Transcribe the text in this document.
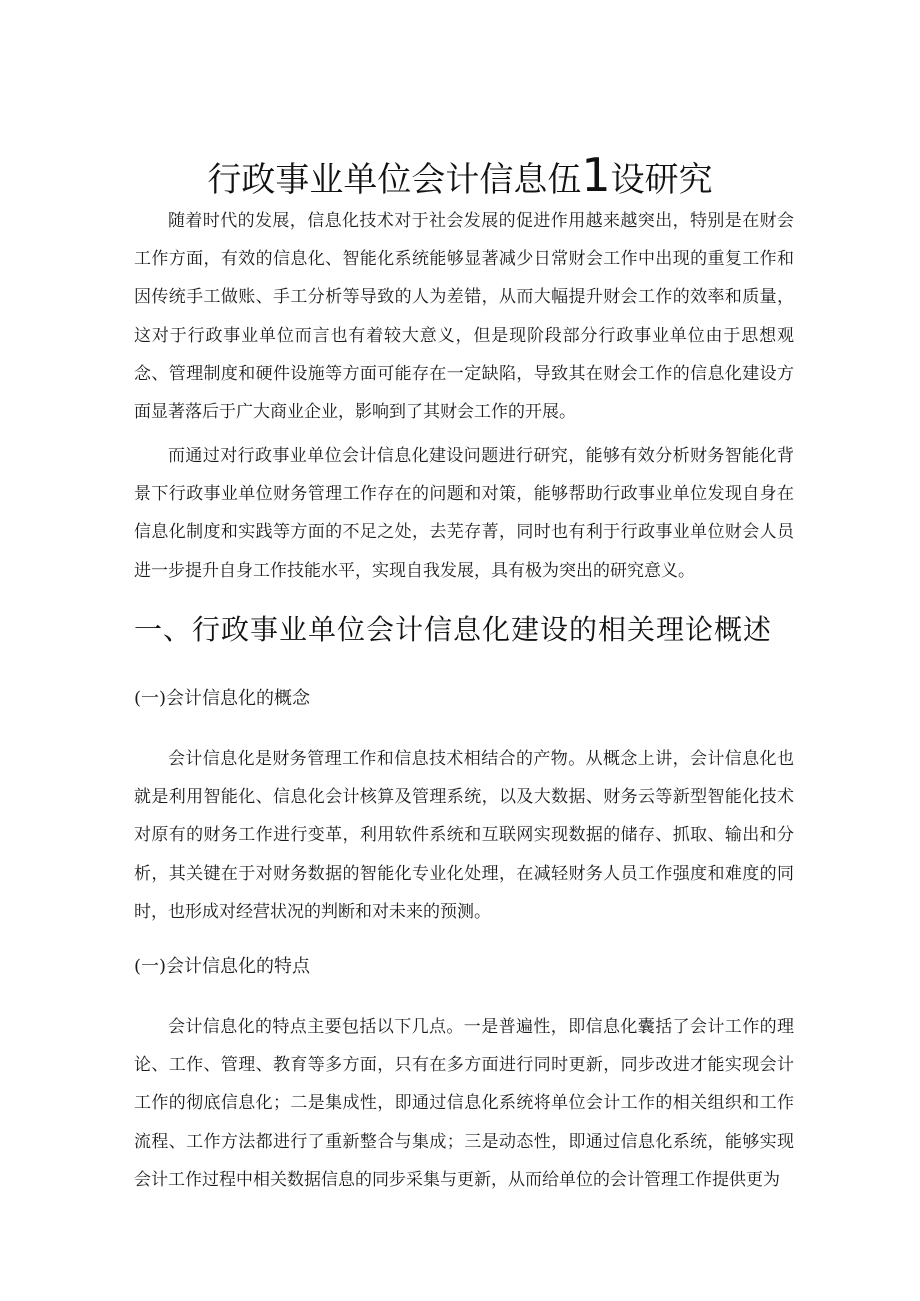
行政事业单位会计信息伍1设研究

随着时代的发展，信息化技术对于社会发展的促进作用越来越突出，特别是在财会工作方面，有效的信息化、智能化系统能够显著减少日常财会工作中出现的重复工作和因传统手工做账、手工分析等导致的人为差错，从而大幅提升财会工作的效率和质量，这对于行政事业单位而言也有着较大意义，但是现阶段部分行政事业单位由于思想观念、管理制度和硬件设施等方面可能存在一定缺陷，导致其在财会工作的信息化建设方面显著落后于广大商业企业，影响到了其财会工作的开展。

而通过对行政事业单位会计信息化建设问题进行研究，能够有效分析财务智能化背景下行政事业单位财务管理工作存在的问题和对策，能够帮助行政事业单位发现自身在信息化制度和实践等方面的不足之处，去芜存菁，同时也有利于行政事业单位财会人员进一步提升自身工作技能水平，实现自我发展，具有极为突出的研究意义。

一、行政事业单位会计信息化建设的相关理论概述
(一)会计信息化的概念

会计信息化是财务管理工作和信息技术相结合的产物。从概念上讲，会计信息化也就是利用智能化、信息化会计核算及管理系统，以及大数据、财务云等新型智能化技术对原有的财务工作进行变革，利用软件系统和互联网实现数据的储存、抓取、输出和分析，其关键在于对财务数据的智能化专业化处理，在减轻财务人员工作强度和难度的同时，也形成对经营状况的判断和对未来的预测。

(一)会计信息化的特点

会计信息化的特点主要包括以下几点。一是普遍性，即信息化囊括了会计工作的理论、工作、管理、教育等多方面，只有在多方面进行同时更新，同步改进才能实现会计工作的彻底信息化；二是集成性，即通过信息化系统将单位会计工作的相关组织和工作流程、工作方法都进行了重新整合与集成；三是动态性，即通过信息化系统，能够实现会计工作过程中相关数据信息的同步采集与更新，从而给单位的会计管理工作提供更为
